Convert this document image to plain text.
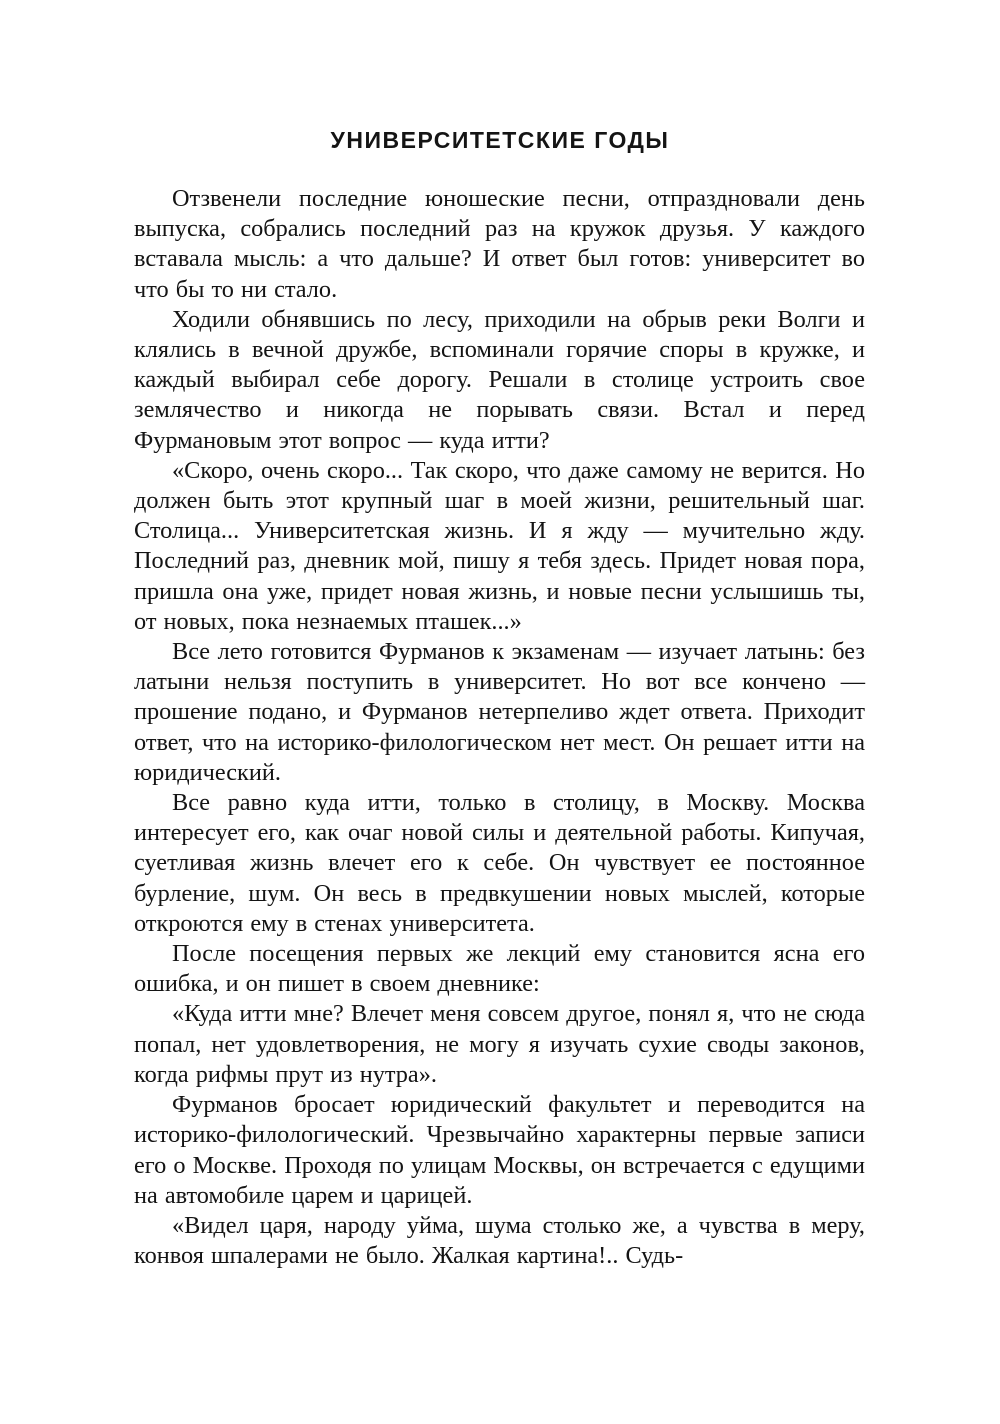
УНИВЕРСИТЕТСКИЕ ГОДЫ

Отзвенели последние юношеские песни, отпраздновали день выпуска, собрались последний раз на кружок друзья. У каждого вставала мысль: а что дальше? И ответ был готов: университет во что бы то ни стало.

Ходили обнявшись по лесу, приходили на обрыв реки Волги и клялись в вечной дружбе, вспоминали горячие споры в кружке, и каждый выбирал себе дорогу. Решали в столице устроить свое землячество и никогда не порывать связи. Встал и перед Фурмановым этот вопрос — куда итти?

«Скоро, очень скоро... Так скоро, что даже самому не верится. Но должен быть этот крупный шаг в моей жизни, решительный шаг. Столица... Университетская жизнь. И я жду — мучительно жду. Последний раз, дневник мой, пишу я тебя здесь. Придет новая пора, пришла она уже, придет новая жизнь, и новые песни услышишь ты, от новых, пока незнаемых пташек...»

Все лето готовится Фурманов к экзаменам — изучает латынь: без латыни нельзя поступить в университет. Но вот все кончено — прошение подано, и Фурманов нетерпеливо ждет ответа. Приходит ответ, что на историко-филологическом нет мест. Он решает итти на юридический.

Все равно куда итти, только в столицу, в Москву. Москва интересует его, как очаг новой силы и деятельной работы. Кипучая, суетливая жизнь влечет его к себе. Он чувствует ее постоянное бурление, шум. Он весь в предвкушении новых мыслей, которые откроются ему в стенах университета.

После посещения первых же лекций ему становится ясна его ошибка, и он пишет в своем дневнике:

«Куда итти мне? Влечет меня совсем другое, понял я, что не сюда попал, нет удовлетворения, не могу я изучать сухие своды законов, когда рифмы прут из нутра».

Фурманов бросает юридический факультет и переводится на историко-филологический. Чрезвычайно характерны первые записи его о Москве. Проходя по улицам Москвы, он встречается с едущими на автомобиле царем и царицей.

«Видел царя, народу уйма, шума столько же, а чувства в меру, конвоя шпалерами не было. Жалкая картина!.. Судь-
